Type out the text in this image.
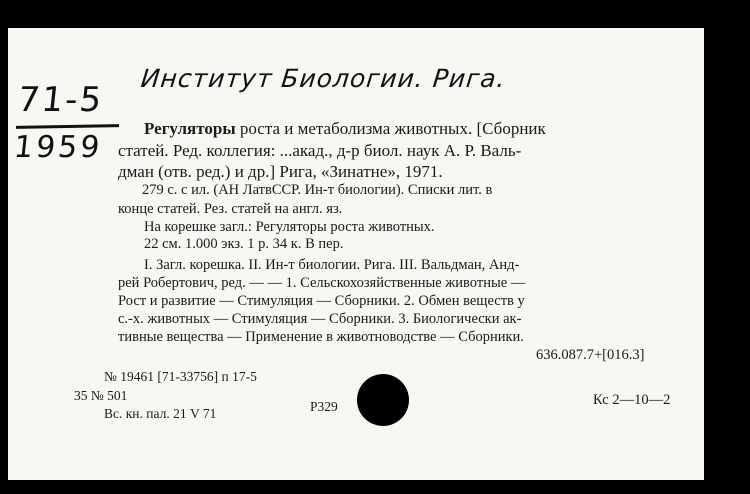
Институт Биологии. Рига.
71-5
1959
Регуляторы роста и метаболизма животных. [Сборник
статей. Ред. коллегия: ...акад., д-р биол. наук А. Р. Валь-
дман (отв. ред.) и др.] Рига, «Зинатне», 1971.
279 с. с ил. (АН ЛатвССР. Ин-т биологии). Списки лит. в
конце статей. Рез. статей на англ. яз.
На корешке загл.: Регуляторы роста животных.
22 см. 1.000 экз. 1 р. 34 к. В пер.
I. Загл. корешка. II. Ин-т биологии. Рига. III. Вальдман, Анд-
рей Робертович, ред. — — 1. Сельскохозяйственные животные —
Рост и развитие — Стимуляция — Сборники. 2. Обмен веществ у
с.-х. животных — Стимуляция — Сборники. 3. Биологически ак-
тивные вещества — Применение в животноводстве — Сборники.
636.087.7+[016.3]
№ 19461 [71-33756] п 17-5
35 № 501
Вс. кн. пал. 21 V 71	Р329	Кс 2—10—2
